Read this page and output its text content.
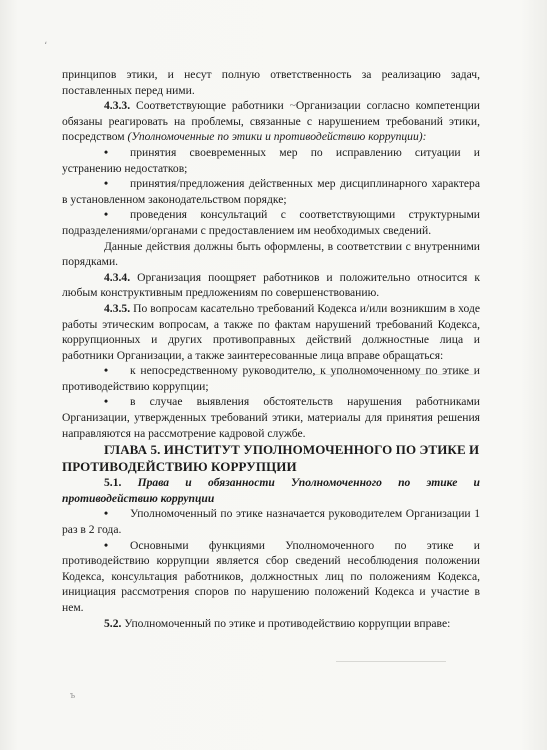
،
ъ

принципов этики, и несут полную ответственность за реализацию задач, поставленных перед ними.

4.3.3. Соответствующие работники ~Организации согласно компетенции обязаны реагировать на проблемы, связанные с нарушением требований этики, посредством (Уполномоченные по этики и противодействию коррупции):

• принятия своевременных мер по исправлению ситуации и устранению недостатков;

• принятия/предложения действенных мер дисциплинарного характера в установленном законодательством порядке;

• проведения консультаций с соответствующими структурными подразделениями/органами с предоставлением им необходимых сведений.

Данные действия должны быть оформлены, в соответствии с внутренними порядками.

4.3.4. Организация поощряет работников и положительно относится к любым конструктивным предложениям по совершенствованию.

4.3.5. По вопросам касательно требований Кодекса и/или возникшим в ходе работы этическим вопросам, а также по фактам нарушений требований Кодекса, коррупционных и других противоправных действий должностные лица и работники Организации, а также заинтересованные лица вправе обращаться:

• к непосредственному руководителю, к уполномоченному по этике и противодействию коррупции;

• в случае выявления обстоятельств нарушения работниками Организации, утвержденных требований этики, материалы для принятия решения направляются на рассмотрение кадровой службе.

ГЛАВА 5. ИНСТИТУТ УПОЛНОМОЧЕННОГО ПО ЭТИКЕ И ПРОТИВОДЕЙСТВИЮ КОРРУПЦИИ

5.1. Права и обязанности Уполномоченного по этике и противодействию коррупции

• Уполномоченный по этике назначается руководителем Организации 1 раз в 2 года.

• Основными функциями Уполномоченного по этике и противодействию коррупции является сбор сведений несоблюдения положении Кодекса, консультация работников, должностных лиц по положениям Кодекса, инициация рассмотрения споров по нарушению положений Кодекса и участие в нем.

5.2. Уполномоченный по этике и противодействию коррупции вправе:
